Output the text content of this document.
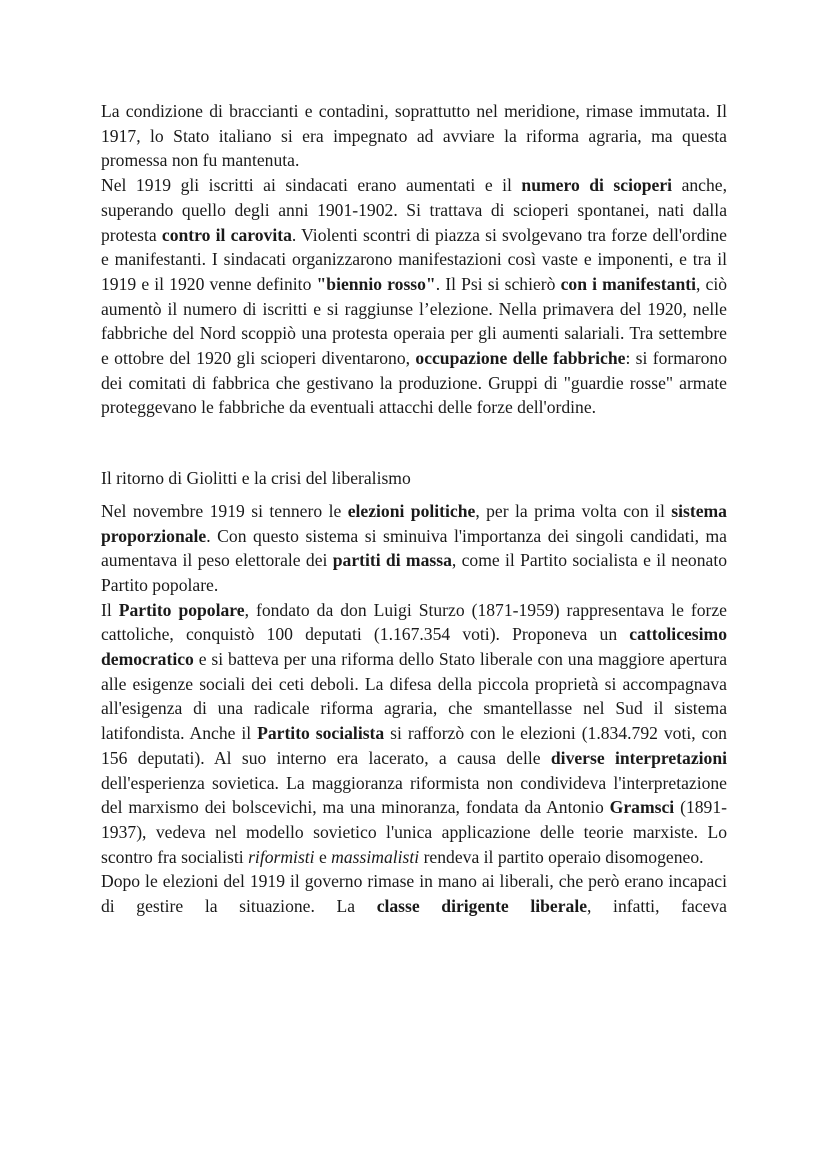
La condizione di braccianti e contadini, soprattutto nel meridione, rimase immutata. Il 1917, lo Stato italiano si era impegnato ad avviare la riforma agraria, ma questa promessa non fu mantenuta.

Nel 1919 gli iscritti ai sindacati erano aumentati e il numero di scioperi anche, superando quello degli anni 1901-1902. Si trattava di scioperi spontanei, nati dalla protesta contro il carovita. Violenti scontri di piazza si svolgevano tra forze dell'ordine e manifestanti. I sindacati organizzarono manifestazioni così vaste e imponenti, e tra il 1919 e il 1920 venne definito "biennio rosso". Il Psi si schierò con i manifestanti, ciò aumentò il numero di iscritti e si raggiunse l’elezione. Nella primavera del 1920, nelle fabbriche del Nord scoppiò una protesta operaia per gli aumenti salariali. Tra settembre e ottobre del 1920 gli scioperi diventarono, occupazione delle fabbriche: si formarono dei comitati di fabbrica che gestivano la produzione. Gruppi di "guardie rosse" armate proteggevano le fabbriche da eventuali attacchi delle forze dell'ordine.

Il ritorno di Giolitti e la crisi del liberalismo

Nel novembre 1919 si tennero le elezioni politiche, per la prima volta con il sistema proporzionale. Con questo sistema si sminuiva l'importanza dei singoli candidati, ma aumentava il peso elettorale dei partiti di massa, come il Partito socialista e il neonato Partito popolare.

Il Partito popolare, fondato da don Luigi Sturzo (1871-1959) rappresentava le forze cattoliche, conquistò 100 deputati (1.167.354 voti). Proponeva un cattolicesimo democratico e si batteva per una riforma dello Stato liberale con una maggiore apertura alle esigenze sociali dei ceti deboli. La difesa della piccola proprietà si accompagnava all'esigenza di una radicale riforma agraria, che smantellasse nel Sud il sistema latifondista. Anche il Partito socialista si rafforzò con le elezioni (1.834.792 voti, con 156 deputati). Al suo interno era lacerato, a causa delle diverse interpretazioni dell'esperienza sovietica. La maggioranza riformista non condivideva l'interpretazione del marxismo dei bolscevichi, ma una minoranza, fondata da Antonio Gramsci (1891-1937), vedeva nel modello sovietico l'unica applicazione delle teorie marxiste. Lo scontro fra socialisti riformisti e massimalisti rendeva il partito operaio disomogeneo.

Dopo le elezioni del 1919 il governo rimase in mano ai liberali, che però erano incapaci di gestire la situazione. La classe dirigente liberale, infatti, faceva
